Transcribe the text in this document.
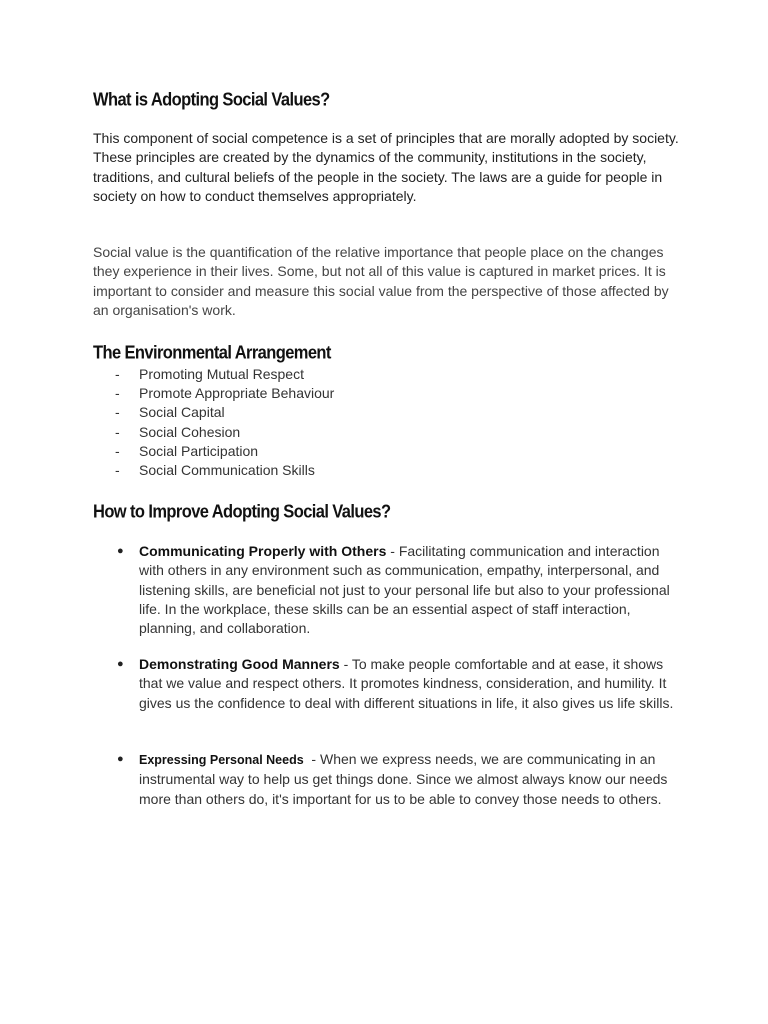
What is Adopting Social Values?

This component of social competence is a set of principles that are morally adopted by society. These principles are created by the dynamics of the community, institutions in the society, traditions, and cultural beliefs of the people in the society. The laws are a guide for people in society on how to conduct themselves appropriately.

Social value is the quantification of the relative importance that people place on the changes they experience in their lives. Some, but not all of this value is captured in market prices. It is important to consider and measure this social value from the perspective of those affected by an organisation's work.

The Environmental Arrangement
- Promoting Mutual Respect
- Promote Appropriate Behaviour
- Social Capital
- Social Cohesion
- Social Participation
- Social Communication Skills
How to Improve Adopting Social Values?
● Communicating Properly with Others - Facilitating communication and interaction with others in any environment such as communication, empathy, interpersonal, and listening skills, are beneficial not just to your personal life but also to your professional life. In the workplace, these skills can be an essential aspect of staff interaction, planning, and collaboration.
● Demonstrating Good Manners - To make people comfortable and at ease, it shows that we value and respect others. It promotes kindness, consideration, and humility. It gives us the confidence to deal with different situations in life, it also gives us life skills.
● Expressing Personal Needs  - When we express needs, we are communicating in an instrumental way to help us get things done. Since we almost always know our needs more than others do, it's important for us to be able to convey those needs to others.
